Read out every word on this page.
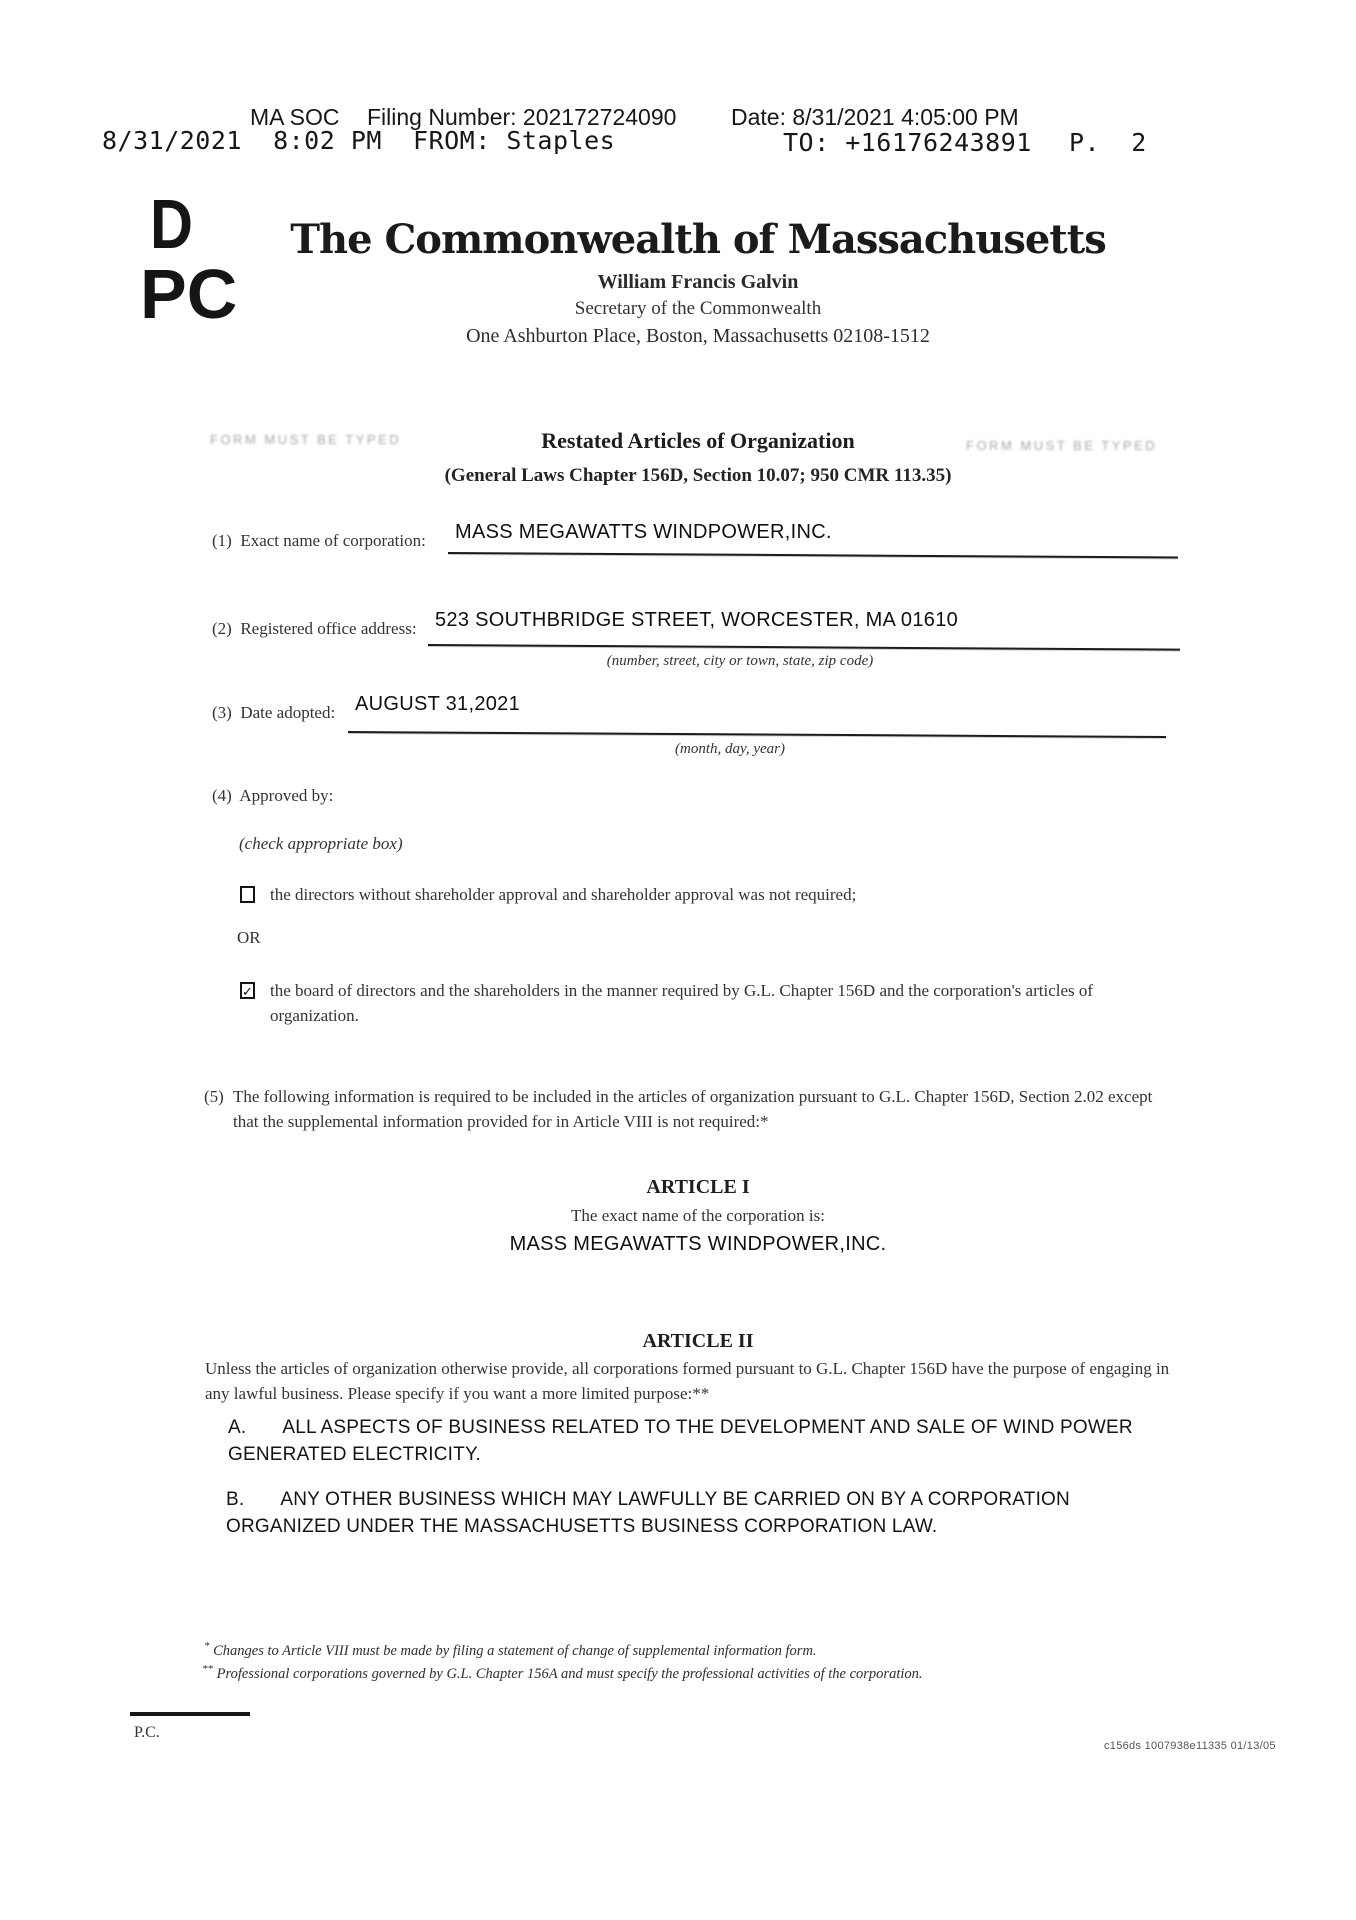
MA SOC Filing Number: 202172724090 Date: 8/31/2021 4:05:00 PM
8/31/2021  8:02 PM  FROM: Staples	TO: +16176243891 P.  2
D
PC
The Commonwealth of Massachusetts
William Francis Galvin
Secretary of the Commonwealth
One Ashburton Place, Boston, Massachusetts 02108-1512
Restated Articles of Organization
(General Laws Chapter 156D, Section 10.07; 950 CMR 113.35)
FORM MUST BE TYPED	FORM MUST BE TYPED
(1)  Exact name of corporation: MASS MEGAWATTS WINDPOWER,INC.
(2)  Registered office address: 523 SOUTHBRIDGE STREET, WORCESTER, MA 01610
(number, street, city or town, state, zip code)
(3)  Date adopted: AUGUST 31,2021
(month, day, year)
(4)  Approved by:
(check appropriate box)
the directors without shareholder approval and shareholder approval was not required;
OR
✓ the board of directors and the shareholders in the manner required by G.L. Chapter 156D and the corporation's articles of organization.
(5) The following information is required to be included in the articles of organization pursuant to G.L. Chapter 156D, Section 2.02 except that the supplemental information provided for in Article VIII is not required:*
ARTICLE I
The exact name of the corporation is:
MASS MEGAWATTS WINDPOWER,INC.
ARTICLE II
Unless the articles of organization otherwise provide, all corporations formed pursuant to G.L. Chapter 156D have the purpose of engaging in any lawful business. Please specify if you want a more limited purpose:**
A. ALL ASPECTS OF BUSINESS RELATED TO THE DEVELOPMENT AND SALE OF WIND POWER GENERATED ELECTRICITY.
B. ANY OTHER BUSINESS WHICH MAY LAWFULLY BE CARRIED ON BY A CORPORATION ORGANIZED UNDER THE MASSACHUSETTS BUSINESS CORPORATION LAW.
* Changes to Article VIII must be made by filing a statement of change of supplemental information form.
** Professional corporations governed by G.L. Chapter 156A and must specify the professional activities of the corporation.
P.C.
c156ds 1007938e11335 01/13/05
